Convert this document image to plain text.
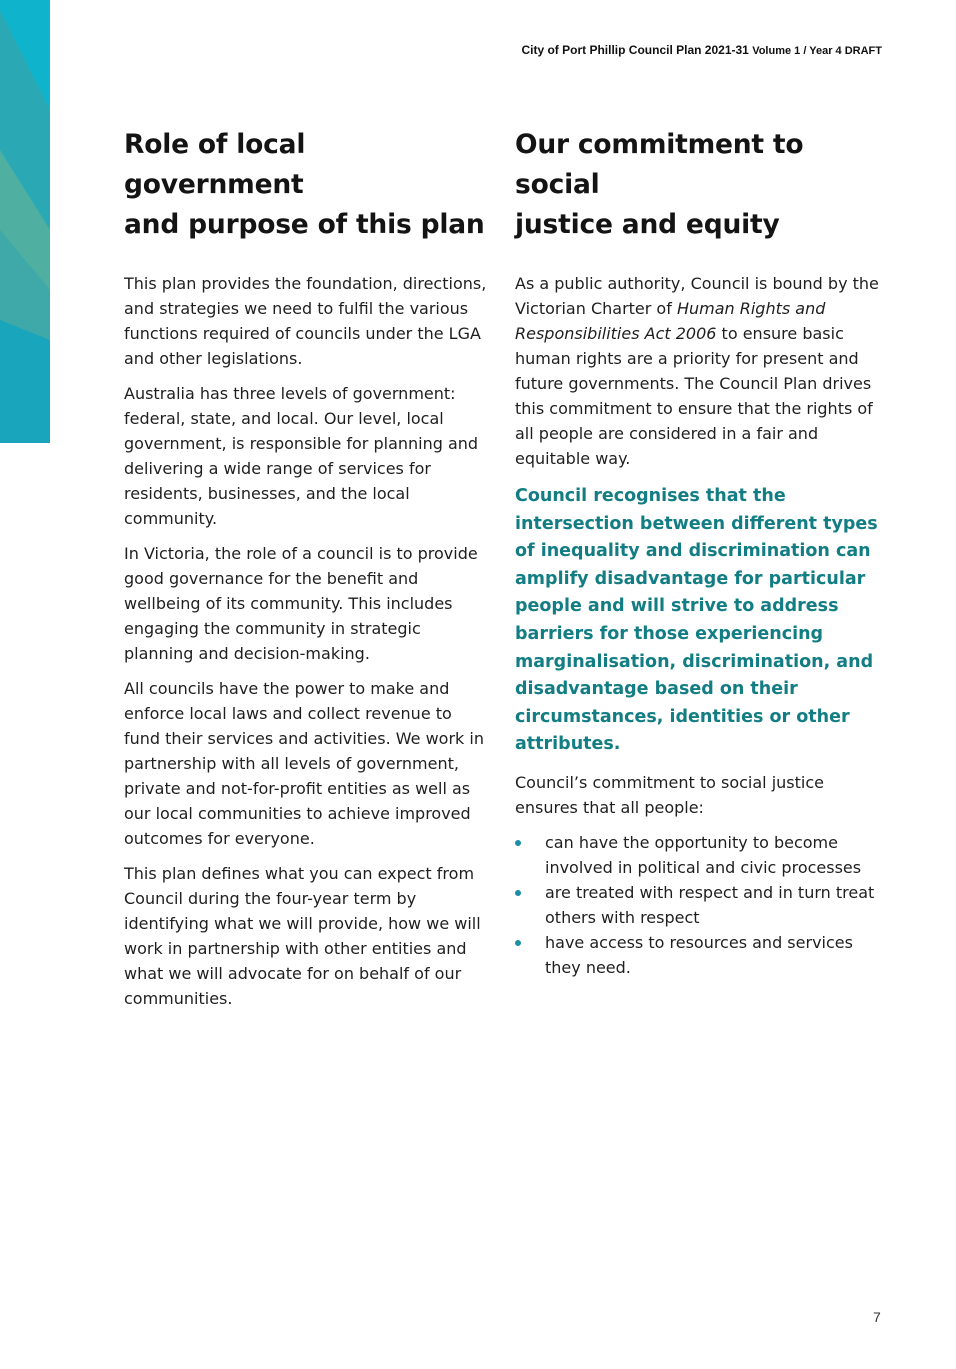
City of Port Phillip Council Plan 2021-31 Volume 1 / Year 4 DRAFT
Role of local government
and purpose of this plan

This plan provides the foundation, directions, and strategies we need to fulfil the various functions required of councils under the LGA and other legislations.

Australia has three levels of government: federal, state, and local. Our level, local government, is responsible for planning and delivering a wide range of services for residents, businesses, and the local community.

In Victoria, the role of a council is to provide good governance for the benefit and wellbeing of its community. This includes engaging the community in strategic planning and decision-making.

All councils have the power to make and enforce local laws and collect revenue to fund their services and activities. We work in partnership with all levels of government, private and not-for-profit entities as well as our local communities to achieve improved outcomes for everyone.

This plan defines what you can expect from Council during the four-year term by identifying what we will provide, how we will work in partnership with other entities and what we will advocate for on behalf of our communities.

Our commitment to social
justice and equity

As a public authority, Council is bound by the Victorian Charter of Human Rights and Responsibilities Act 2006 to ensure basic human rights are a priority for present and future governments. The Council Plan drives this commitment to ensure that the rights of all people are considered in a fair and equitable way.

Council recognises that the intersection between different types of inequality and discrimination can amplify disadvantage for particular people and will strive to address barriers for those experiencing marginalisation, discrimination, and disadvantage based on their circumstances, identities or other attributes.

Council’s commitment to social justice ensures that all people:

can have the opportunity to become involved in political and civic processes
are treated with respect and in turn treat others with respect
have access to resources and services they need.
7
